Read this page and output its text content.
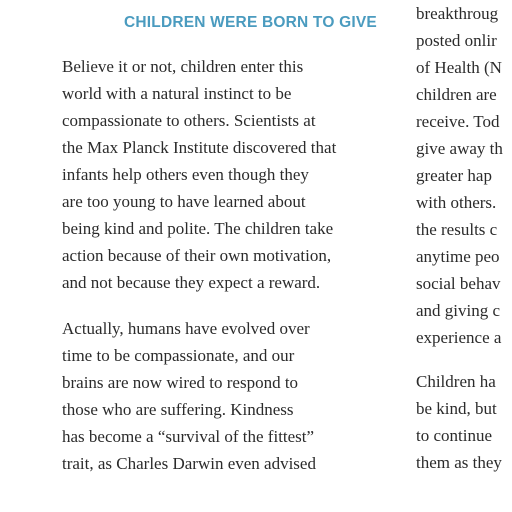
CHILDREN WERE BORN TO GIVE

Believe it or not, children enter this
world with a natural instinct to be
compassionate to others. Scientists at
the Max Planck Institute discovered that
infants help others even though they
are too young to have learned about
being kind and polite. The children take
action because of their own motivation,
and not because they expect a reward.

Actually, humans have evolved over
time to be compassionate, and our
brains are now wired to respond to
those who are suffering. Kindness
has become a “survival of the fittest”
trait, as Charles Darwin even advised

breakthroug
posted onlir
of Health (N
children are
receive. Tod
give away th
greater hap
with others.
the results c
anytime peo
social behav
and giving c
experience a

Children ha
be kind, but
to continue
them as they
